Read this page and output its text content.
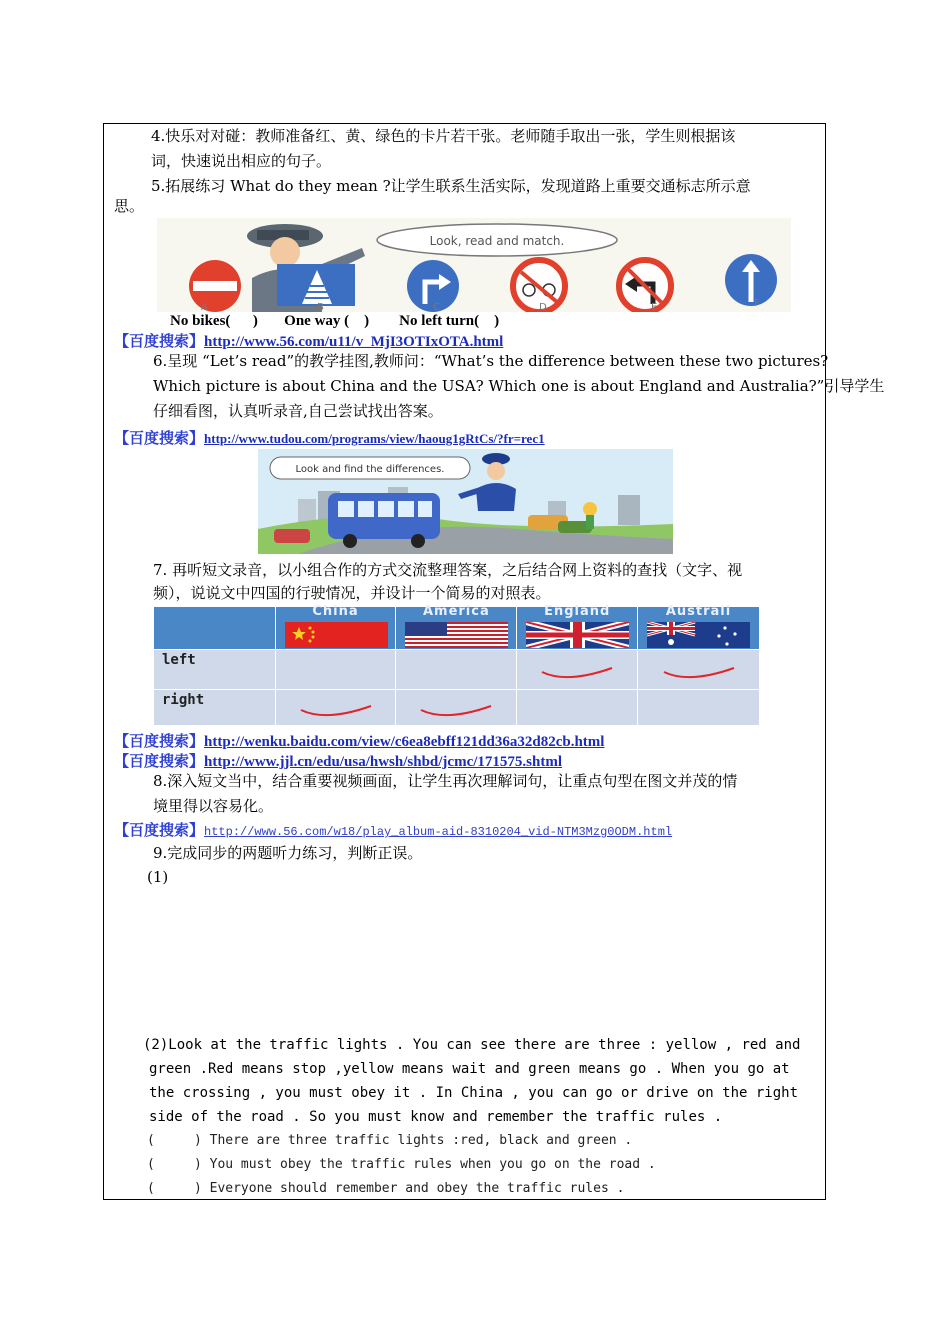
4.快乐对对碰：教师准备红、黄、绿色的卡片若干张。老师随手取出一张，学生则根据该
词，快速说出相应的句子。
5.拓展练习 What do they mean ?让学生联系生活实际，发现道路上重要交通标志所示意
思。
Look, read and match.
A	B	C	D	E	F
No bikes(      )       One way (    )        No left turn(    )
【百度搜索】http://www.56.com/u11/v_MjI3OTIxOTA.html
6.呈现 “Let’s read”的教学挂图,教师问：“What’s the difference between these two pictures?
Which picture is about China and the USA? Which one is about England and Australia?”引导学生
仔细看图，认真听录音,自己尝试找出答案。
【百度搜索】http://www.tudou.com/programs/view/haoug1gRtCs/?fr=rec1
Look and find the differences.
7. 再听短文录音，以小组合作的方式交流整理答案，之后结合网上资料的查找（文字、视
频），说说文中四国的行驶情况，并设计一个简易的对照表。

	China	America	England	Australi

left			

right	

【百度搜索】http://wenku.baidu.com/view/c6ea8ebff121dd36a32d82cb.html
【百度搜索】http://www.jjl.cn/edu/usa/hwsh/shbd/jcmc/171575.shtml
8.深入短文当中，结合重要视频画面，让学生再次理解词句，让重点句型在图文并茂的情
境里得以容易化。
【百度搜索】http://www.56.com/w18/play_album-aid-8310204_vid-NTM3Mzg0ODM.html
9.完成同步的两题听力练习，判断正误。
(1)
(2)Look at the traffic lights . You can see there are three : yellow , red and
green .Red means stop ,yellow means wait and green means go . When you go at
the crossing , you must obey it . In China , you can go or drive on the right
side of the road . So you must know and remember the traffic rules .
(     ) There are three traffic lights :red, black and green .
(     ) You must obey the traffic rules when you go on the road .
(     ) Everyone should remember and obey the traffic rules .
